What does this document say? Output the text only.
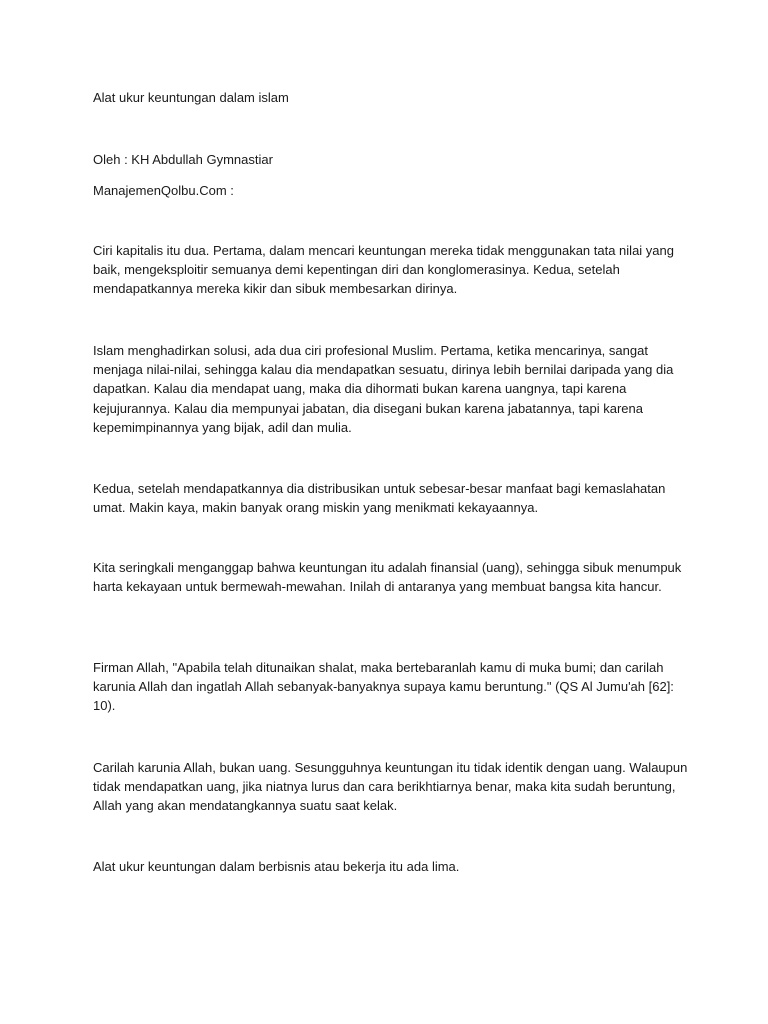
Alat ukur keuntungan dalam islam
Oleh : KH Abdullah Gymnastiar
ManajemenQolbu.Com :
Ciri kapitalis itu dua. Pertama, dalam mencari keuntungan mereka tidak menggunakan tata nilai yang baik, mengeksploitir semuanya demi kepentingan diri dan konglomerasinya. Kedua, setelah mendapatkannya mereka kikir dan sibuk membesarkan dirinya.
Islam menghadirkan solusi, ada dua ciri profesional Muslim. Pertama, ketika mencarinya, sangat menjaga nilai-nilai, sehingga kalau dia mendapatkan sesuatu, dirinya lebih bernilai daripada yang dia dapatkan. Kalau dia mendapat uang, maka dia dihormati bukan karena uangnya, tapi karena kejujurannya. Kalau dia mempunyai jabatan, dia disegani bukan karena jabatannya, tapi karena kepemimpinannya yang bijak, adil dan mulia.
Kedua, setelah mendapatkannya dia distribusikan untuk sebesar-besar manfaat bagi kemaslahatan umat. Makin kaya, makin banyak orang miskin yang menikmati kekayaannya.
Kita seringkali menganggap bahwa keuntungan itu adalah finansial (uang), sehingga sibuk menumpuk harta kekayaan untuk bermewah-mewahan. Inilah di antaranya yang membuat bangsa kita hancur.
Firman Allah, "Apabila telah ditunaikan shalat, maka bertebaranlah kamu di muka bumi; dan carilah karunia Allah dan ingatlah Allah sebanyak-banyaknya supaya kamu beruntung." (QS Al Jumu'ah [62]: 10).
Carilah karunia Allah, bukan uang. Sesungguhnya keuntungan itu tidak identik dengan uang. Walaupun tidak mendapatkan uang, jika niatnya lurus dan cara berikhtiarnya benar, maka kita sudah beruntung, Allah yang akan mendatangkannya suatu saat kelak.
Alat ukur keuntungan dalam berbisnis atau bekerja itu ada lima.
